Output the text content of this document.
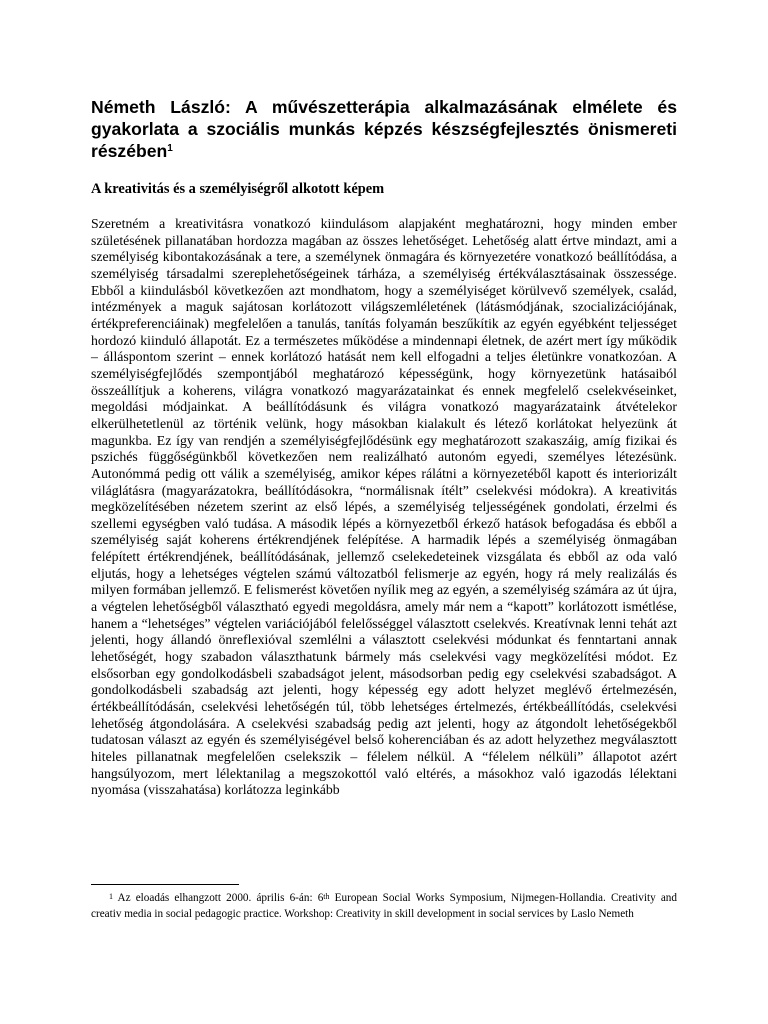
Németh László: A művészetterápia alkalmazásának elmélete és gyakorlata a szociális munkás képzés készségfejlesztés önismereti részében$^1$
A kreativitás és a személyiségről alkotott képem

Szeretném a kreativitásra vonatkozó kiindulásom alapjaként meghatározni, hogy minden ember születésének pillanatában hordozza magában az összes lehetőséget. Lehetőség alatt értve mindazt, ami a személyiség kibontakozásának a tere, a személynek önmagára és környezetére vonatkozó beállítódása, a személyiség társadalmi szereplehetőségeinek tárháza, a személyiség értékválasztásainak összessége. Ebből a kiindulásból következően azt mondhatom, hogy a személyiséget körülvevő személyek, család, intézmények a maguk sajátosan korlátozott világszemléletének (látásmódjának, szocializációjának, értékpreferenciáinak) megfelelően a tanulás, tanítás folyamán beszűkítik az egyén egyébként teljességet hordozó kiinduló állapotát. Ez a természetes működése a mindennapi életnek, de azért mert így működik – álláspontom szerint – ennek korlátozó hatását nem kell elfogadni a teljes életünkre vonatkozóan. A személyiségfejlődés szempontjából meghatározó képességünk, hogy környezetünk hatásaiból összeállítjuk a koherens, világra vonatkozó magyarázatainkat és ennek megfelelő cselekvéseinket, megoldási módjainkat. A beállítódásunk és világra vonatkozó magyarázataink átvételekor elkerülhetetlenül az történik velünk, hogy másokban kialakult és létező korlátokat helyezünk át magunkba. Ez így van rendjén a személyiségfejlődésünk egy meghatározott szakaszáig, amíg fizikai és pszichés függőségünkből következően nem realizálható autonóm egyedi, személyes létezésünk. Autonómmá pedig ott válik a személyiség, amikor képes rálátni a környezetéből kapott és interiorizált világlátásra (magyarázatokra, beállítódásokra, “normálisnak ítélt” cselekvési módokra). A kreativitás megközelítésében nézetem szerint az első lépés, a személyiség teljességének gondolati, érzelmi és szellemi egységben való tudása. A második lépés a környezetből érkező hatások befogadása és ebből a személyiség saját koherens értékrendjének felépítése. A harmadik lépés a személyiség önmagában felépített értékrendjének, beállítódásának, jellemző cselekedeteinek vizsgálata és ebből az oda való eljutás, hogy a lehetséges végtelen számú változatból felismerje az egyén, hogy rá mely realizálás és milyen formában jellemző. E felismerést követően nyílik meg az egyén, a személyiség számára az út újra, a végtelen lehetőségből választható egyedi megoldásra, amely már nem a “kapott” korlátozott ismétlése, hanem a “lehetséges” végtelen variációjából felelősséggel választott cselekvés. Kreatívnak lenni tehát azt jelenti, hogy állandó önreflexióval szemlélni a választott cselekvési módunkat és fenntartani annak lehetőségét, hogy szabadon választhatunk bármely más cselekvési vagy megközelítési módot. Ez elsősorban egy gondolkodásbeli szabadságot jelent, másodsorban pedig egy cselekvési szabadságot. A gondolkodásbeli szabadság azt jelenti, hogy képesség egy adott helyzet meglévő értelmezésén, értékbeállítódásán, cselekvési lehetőségén túl, több lehetséges értelmezés, értékbeállítódás, cselekvési lehetőség átgondolására. A cselekvési szabadság pedig azt jelenti, hogy az átgondolt lehetőségekből tudatosan választ az egyén és személyiségével belső koherenciában és az adott helyzethez megválasztott hiteles pillanatnak megfelelően cselekszik – félelem nélkül. A “félelem nélküli” állapotot azért hangsúlyozom, mert lélektanilag a megszokottól való eltérés, a másokhoz való igazodás lélektani nyomása (visszahatása) korlátozza leginkább

$^1$ Az eloadás elhangzott 2000. április 6-án: 6th European Social Works Symposium, Nijmegen-Hollandia. Creativity and creativ media in social pedagogic practice. Workshop: Creativity in skill development in social services by Laslo Nemeth
